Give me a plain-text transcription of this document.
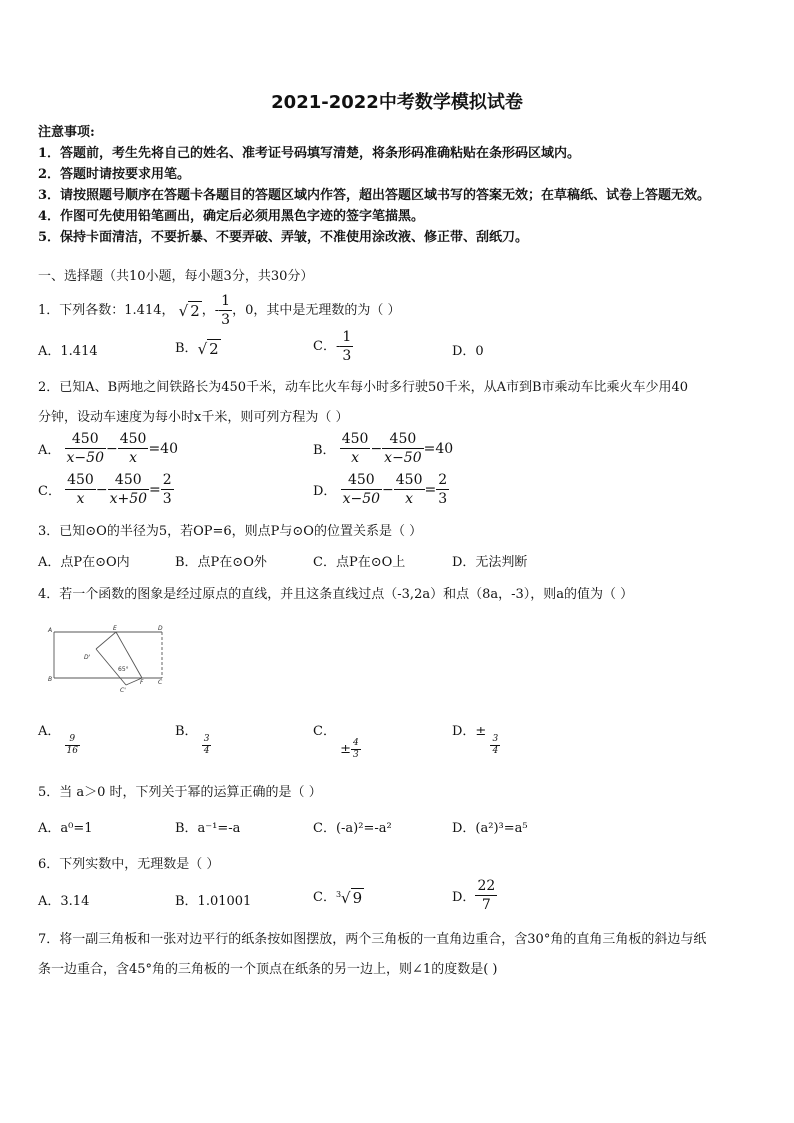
2021-2022中考数学模拟试卷
注意事项:
1．答题前，考生先将自己的姓名、准考证号码填写清楚，将条形码准确粘贴在条形码区域内。
2．答题时请按要求用笔。
3．请按照题号顺序在答题卡各题目的答题区域内作答，超出答题区域书写的答案无效；在草稿纸、试卷上答题无效。
4．作图可先使用铅笔画出，确定后必须用黑色字迹的签字笔描黑。
5．保持卡面清洁，不要折暴、不要弄破、弄皱，不准使用涂改液、修正带、刮纸刀。
一、选择题（共10小题，每小题3分，共30分）
1．下列各数：1.414， √ 2 ，- $\frac{1}{3}$ ，0，其中是无理数的为（ ）
A．1.414	B．√ 2	C．- $\frac{1}{3}$	D．0
2．已知A、B两地之间铁路长为450千米，动车比火车每小时多行驶50千米，从A市到B市乘动车比乘火车少用40
分钟，设动车速度为每小时x千米，则可列方程为（ ）
A． $\frac{450}{x-50} - \frac{450}{x} =40$	B． $\frac{450}{x} - \frac{450}{x-50} =40$
C． $\frac{450}{x} - \frac{450}{x+50} = \frac{2}{3}$	D． $\frac{450}{x-50} - \frac{450}{x} = \frac{2}{3}$
3．已知⊙O的半径为5，若OP=6，则点P与⊙O的位置关系是（ ）
A．点P在⊙O内	B．点P在⊙O外	C．点P在⊙O上	D．无法判断
4．若一个函数的图象是经过原点的直线，并且这条直线过点（-3,2a）和点（8a，-3），则a的值为（ ）
A	E	D
D'
65°
B
C'
F C
A．
$\frac{9}{16}$
B．
$\frac{3}{4}$
C． ± $\frac{4}{3}$
D．±
$\frac{3}{4}$
5．当 a＞0 时，下列关于幂的运算正确的是（ ）
A．a⁰=1	B．a⁻¹=-a	C．(-a)²=-a²	D．(a²)³=a⁵
6．下列实数中，无理数是（ ）
A．3.14	B．1.01001	C．$^3$√ 9	D． $\frac{22}{7}$
7．将一副三角板和一张对边平行的纸条按如图摆放，两个三角板的一直角边重合，含30°角的直角三角板的斜边与纸
条一边重合，含45°角的三角板的一个顶点在纸条的另一边上，则∠1的度数是( )
